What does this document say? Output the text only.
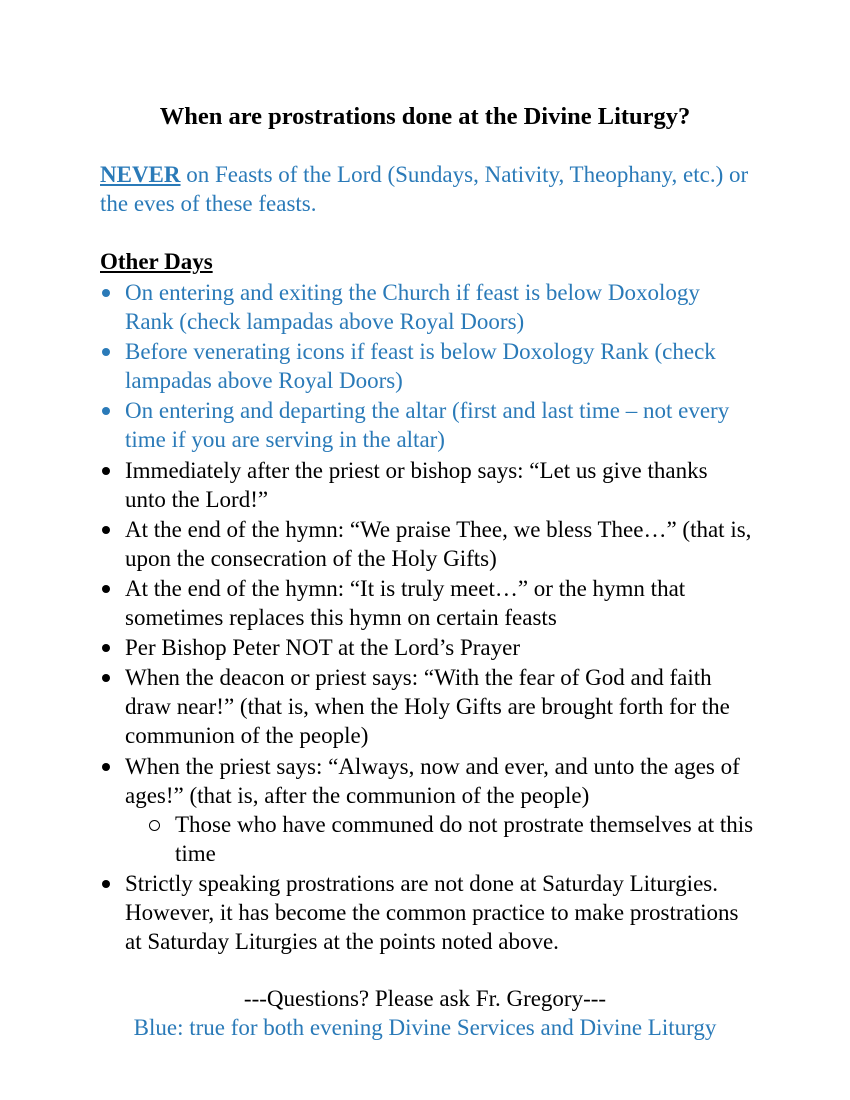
When are prostrations done at the Divine Liturgy?
NEVER on Feasts of the Lord (Sundays, Nativity, Theophany, etc.) or the eves of these feasts.
Other Days
On entering and exiting the Church if feast is below Doxology Rank (check lampadas above Royal Doors)
Before venerating icons if feast is below Doxology Rank (check lampadas above Royal Doors)
On entering and departing the altar (first and last time – not every time if you are serving in the altar)
Immediately after the priest or bishop says: “Let us give thanks unto the Lord!”
At the end of the hymn: “We praise Thee, we bless Thee…” (that is, upon the consecration of the Holy Gifts)
At the end of the hymn: “It is truly meet…” or the hymn that sometimes replaces this hymn on certain feasts
Per Bishop Peter NOT at the Lord’s Prayer
When the deacon or priest says: “With the fear of God and faith draw near!” (that is, when the Holy Gifts are brought forth for the communion of the people)
When the priest says: “Always, now and ever, and unto the ages of ages!” (that is, after the communion of the people)
Those who have communed do not prostrate themselves at this time
Strictly speaking prostrations are not done at Saturday Liturgies. However, it has become the common practice to make prostrations at Saturday Liturgies at the points noted above.
---Questions? Please ask Fr. Gregory---
Blue: true for both evening Divine Services and Divine Liturgy
